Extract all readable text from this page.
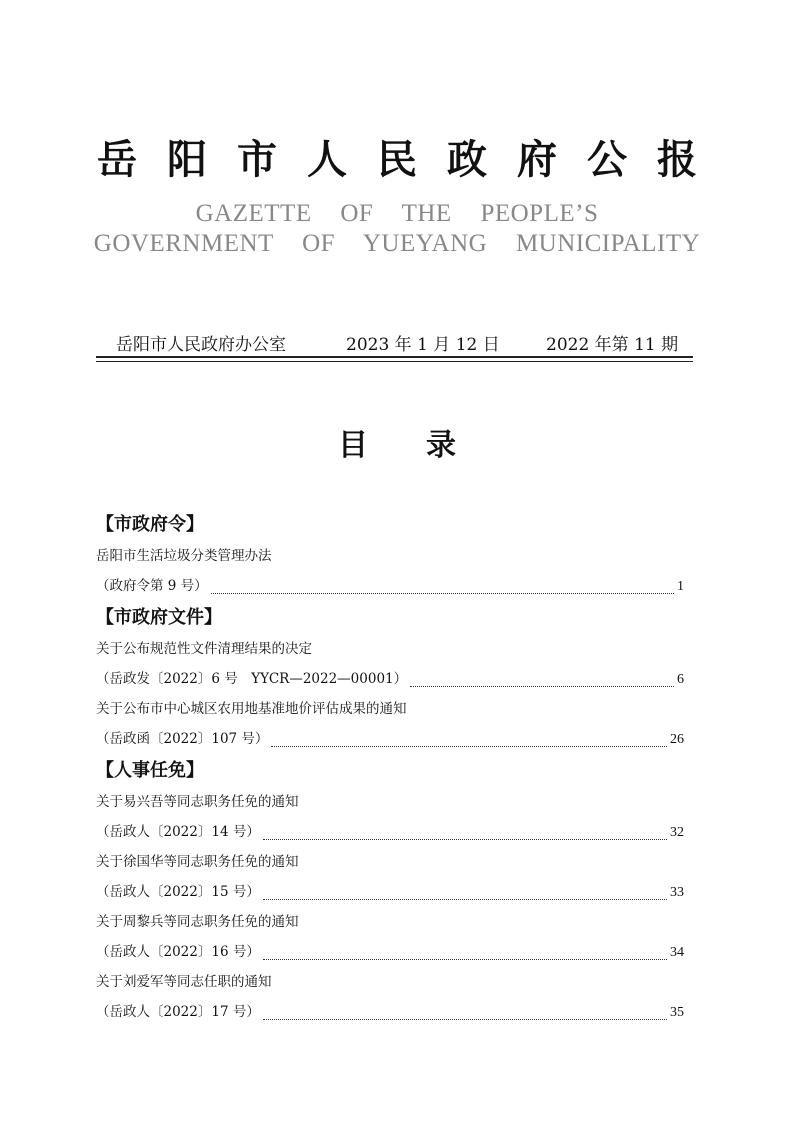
岳阳市人民政府公报
GAZETTE OF THE PEOPLE’S
GOVERNMENT OF YUEYANG MUNICIPALITY
岳阳市人民政府办公室	2023 年 1 月 12 日	2022 年第 11 期
目录
【市政府令】
岳阳市生活垃圾分类管理办法
（政府令第 9 号）	1
【市政府文件】
关于公布规范性文件清理结果的决定
（岳政发〔2022〕6 号　YYCR—2022—00001）	6
关于公布市中心城区农用地基准地价评估成果的通知
（岳政函〔2022〕107 号）	26
【人事任免】
关于易兴吾等同志职务任免的通知
（岳政人〔2022〕14 号）	32
关于徐国华等同志职务任免的通知
（岳政人〔2022〕15 号）	33
关于周黎兵等同志职务任免的通知
（岳政人〔2022〕16 号）	34
关于刘爱军等同志任职的通知
（岳政人〔2022〕17 号）	35
